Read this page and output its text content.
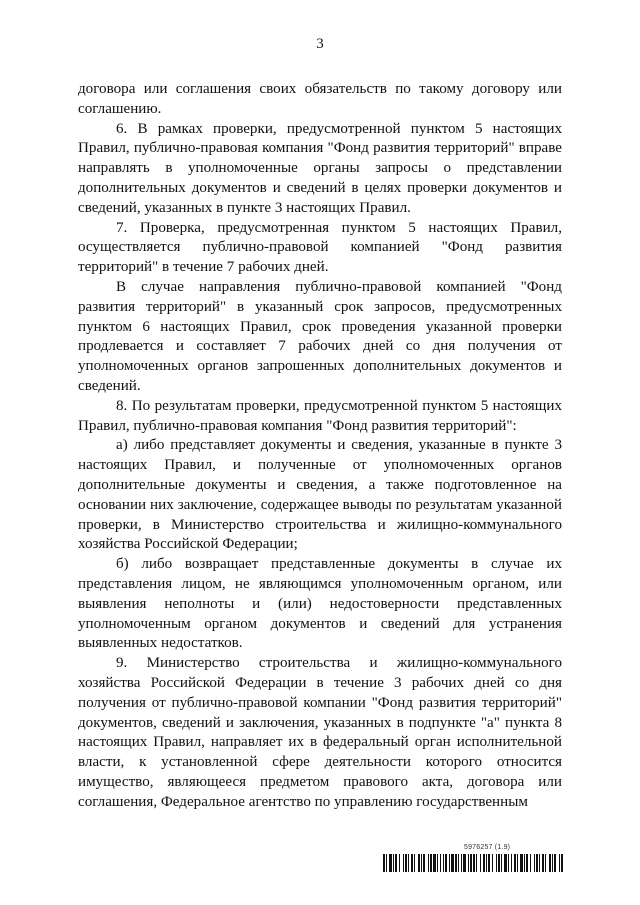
3

договора или соглашения своих обязательств по такому договору или соглашению.

6. В рамках проверки, предусмотренной пунктом 5 настоящих Правил, публично-правовая компания "Фонд развития территорий" вправе направлять в уполномоченные органы запросы о представлении дополнительных документов и сведений в целях проверки документов и сведений, указанных в пункте 3 настоящих Правил.

7. Проверка, предусмотренная пунктом 5 настоящих Правил, осуществляется публично-правовой компанией "Фонд развития территорий" в течение 7 рабочих дней.

В случае направления публично-правовой компанией "Фонд развития территорий" в указанный срок запросов, предусмотренных пунктом 6 настоящих Правил, срок проведения указанной проверки продлевается и составляет 7 рабочих дней со дня получения от уполномоченных органов запрошенных дополнительных документов и сведений.

8. По результатам проверки, предусмотренной пунктом 5 настоящих Правил, публично-правовая компания "Фонд развития территорий":

а) либо представляет документы и сведения, указанные в пункте 3 настоящих Правил, и полученные от уполномоченных органов дополнительные документы и сведения, а также подготовленное на основании них заключение, содержащее выводы по результатам указанной проверки, в Министерство строительства и жилищно-коммунального хозяйства Российской Федерации;

б) либо возвращает представленные документы в случае их представления лицом, не являющимся уполномоченным органом, или выявления неполноты и (или) недостоверности представленных уполномоченным органом документов и сведений для устранения выявленных недостатков.

9. Министерство строительства и жилищно-коммунального хозяйства Российской Федерации в течение 3 рабочих дней со дня получения от публично-правовой компании "Фонд развития территорий" документов, сведений и заключения, указанных в подпункте "а" пункта 8 настоящих Правил, направляет их в федеральный орган исполнительной власти, к установленной сфере деятельности которого относится имущество, являющееся предметом правового акта, договора или соглашения, Федеральное агентство по управлению государственным

5976257 (1.9)
